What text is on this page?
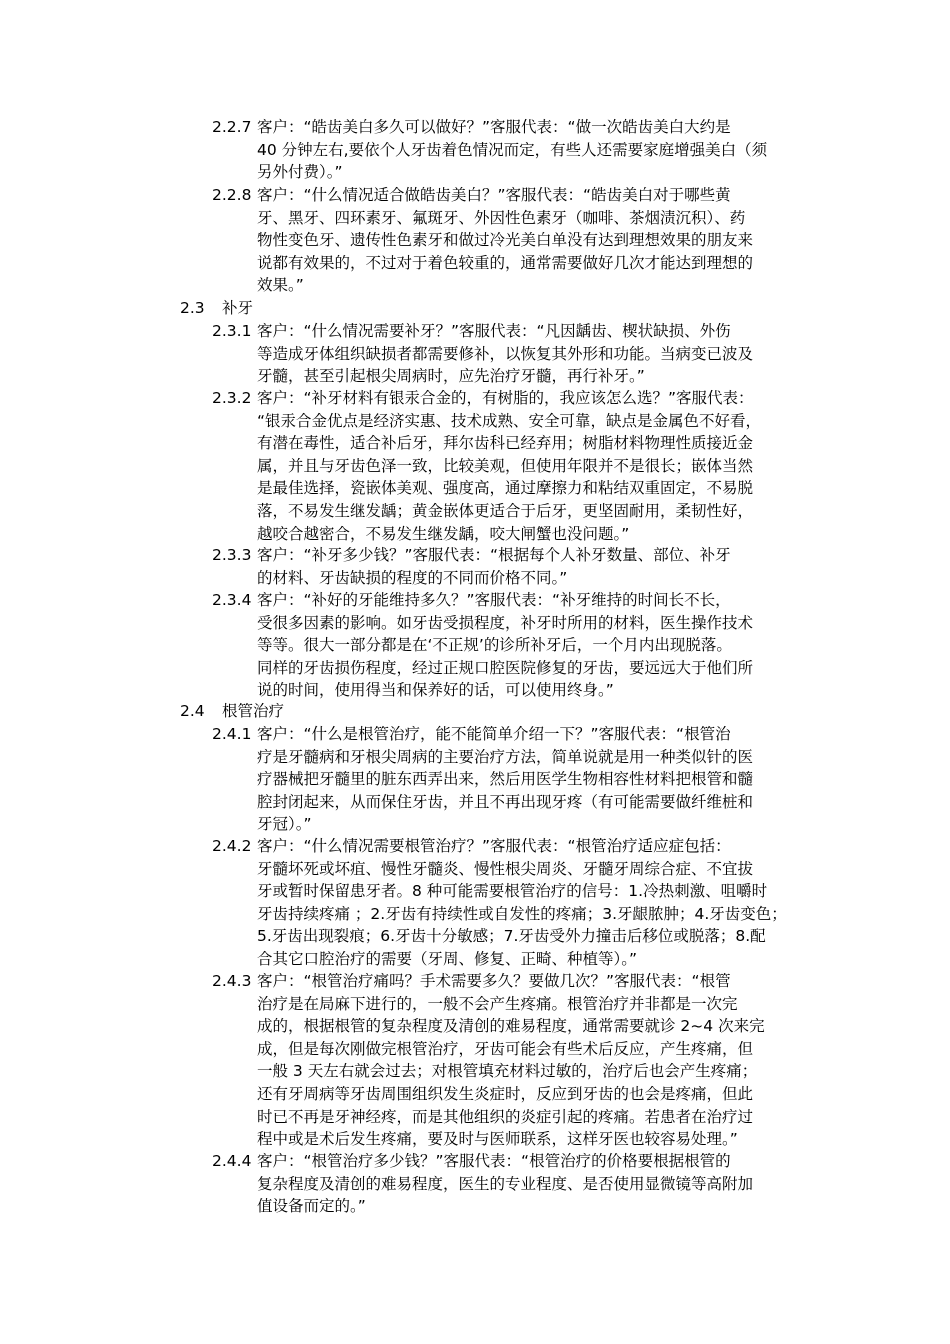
2.2.7 客户：“皓齿美白多久可以做好？”客服代表：“做一次皓齿美白大约是
40 分钟左右,要依个人牙齿着色情况而定，有些人还需要家庭增强美白（须
另外付费）。”
2.2.8 客户：“什么情况适合做皓齿美白？”客服代表：“皓齿美白对于哪些黄
牙、黑牙、四环素牙、氟斑牙、外因性色素牙（咖啡、茶烟渍沉积）、药
物性变色牙、遗传性色素牙和做过冷光美白单没有达到理想效果的朋友来
说都有效果的，不过对于着色较重的，通常需要做好几次才能达到理想的
效果。”
2.3 补牙
2.3.1 客户：“什么情况需要补牙？”客服代表：“凡因龋齿、楔状缺损、外伤
等造成牙体组织缺损者都需要修补，以恢复其外形和功能。当病变已波及
牙髓，甚至引起根尖周病时，应先治疗牙髓，再行补牙。”
2.3.2 客户：“补牙材料有银汞合金的，有树脂的，我应该怎么选？”客服代表：
“银汞合金优点是经济实惠、技术成熟、安全可靠，缺点是金属色不好看，
有潜在毒性，适合补后牙，拜尔齿科已经弃用；树脂材料物理性质接近金
属，并且与牙齿色泽一致，比较美观，但使用年限并不是很长；嵌体当然
是最佳选择，瓷嵌体美观、强度高，通过摩擦力和粘结双重固定，不易脱
落，不易发生继发龋；黄金嵌体更适合于后牙，更坚固耐用，柔韧性好，
越咬合越密合，不易发生继发龋，咬大闸蟹也没问题。”
2.3.3 客户：“补牙多少钱？”客服代表：“根据每个人补牙数量、部位、补牙
的材料、牙齿缺损的程度的不同而价格不同。”
2.3.4 客户：“补好的牙能维持多久？”客服代表：“补牙维持的时间长不长，
受很多因素的影响。如牙齿受损程度，补牙时所用的材料，医生操作技术
等等。很大一部分都是在‘不正规’的诊所补牙后，一个月内出现脱落。
同样的牙齿损伤程度，经过正规口腔医院修复的牙齿，要远远大于他们所
说的时间，使用得当和保养好的话，可以使用终身。”
2.4 根管治疗
2.4.1 客户：“什么是根管治疗，能不能简单介绍一下？”客服代表：“根管治
疗是牙髓病和牙根尖周病的主要治疗方法，简单说就是用一种类似针的医
疗器械把牙髓里的脏东西弄出来，然后用医学生物相容性材料把根管和髓
腔封闭起来，从而保住牙齿，并且不再出现牙疼（有可能需要做纤维桩和
牙冠）。”
2.4.2 客户：“什么情况需要根管治疗？”客服代表：“根管治疗适应症包括：
牙髓坏死或坏疽、慢性牙髓炎、慢性根尖周炎、牙髓牙周综合症、不宜拔
牙或暂时保留患牙者。8 种可能需要根管治疗的信号：1.冷热刺激、咀嚼时
牙齿持续疼痛 ；2.牙齿有持续性或自发性的疼痛；3.牙龈脓肿；4.牙齿变色；
5.牙齿出现裂痕；6.牙齿十分敏感；7.牙齿受外力撞击后移位或脱落；8.配
合其它口腔治疗的需要（牙周、修复、正畸、种植等）。”
2.4.3 客户：“根管治疗痛吗？手术需要多久？要做几次？”客服代表：“根管
治疗是在局麻下进行的，一般不会产生疼痛。根管治疗并非都是一次完
成的，根据根管的复杂程度及清创的难易程度，通常需要就诊 2~4 次来完
成，但是每次刚做完根管治疗，牙齿可能会有些术后反应，产生疼痛，但
一般 3 天左右就会过去；对根管填充材料过敏的，治疗后也会产生疼痛；
还有牙周病等牙齿周围组织发生炎症时，反应到牙齿的也会是疼痛，但此
时已不再是牙神经疼，而是其他组织的炎症引起的疼痛。若患者在治疗过
程中或是术后发生疼痛，要及时与医师联系，这样牙医也较容易处理。”
2.4.4 客户：“根管治疗多少钱？”客服代表：“根管治疗的价格要根据根管的
复杂程度及清创的难易程度，医生的专业程度、是否使用显微镜等高附加
值设备而定的。”
